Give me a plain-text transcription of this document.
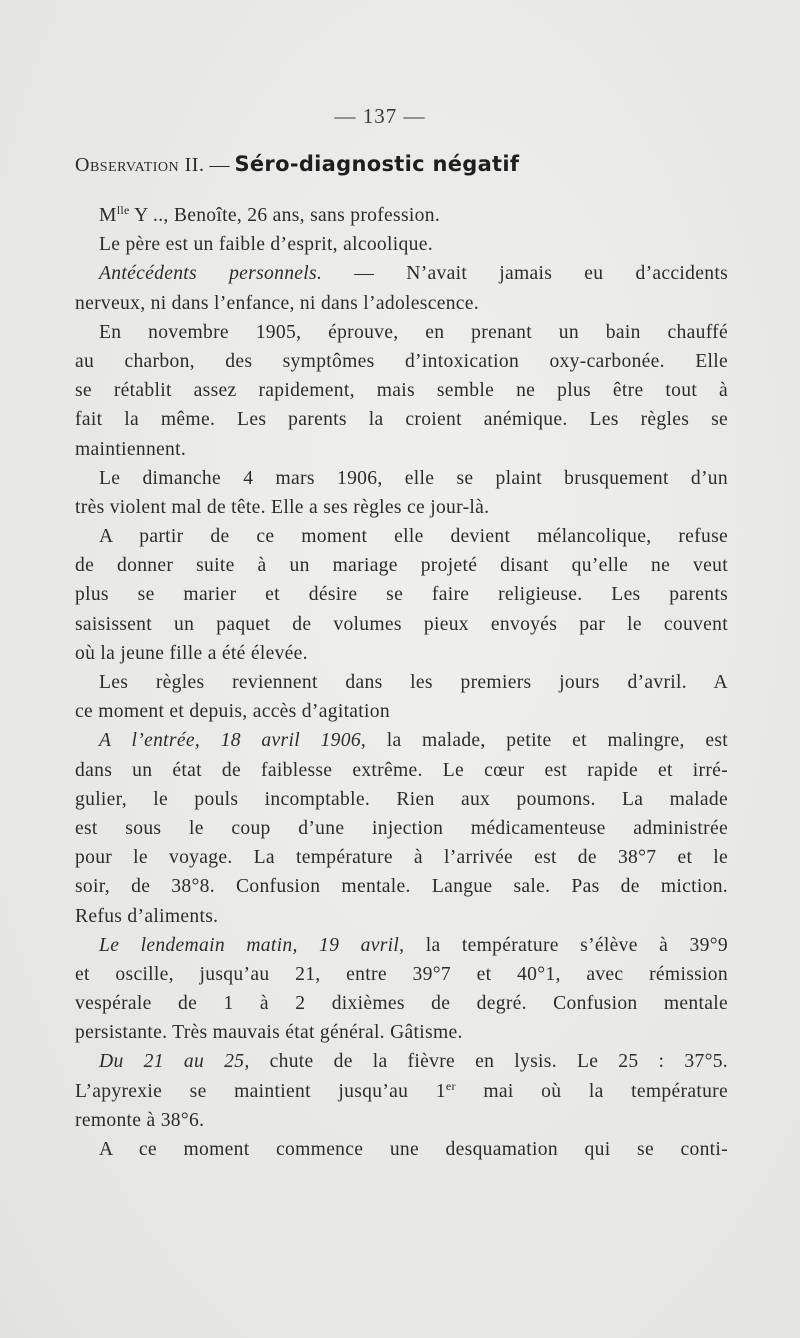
— 137 —
Observation II. — Séro-diagnostic négatif
$M^{lle}$ Y .., Benoîte, 26 ans, sans profession.
Le père est un faible d’esprit, alcoolique.
Antécédents personnels. — N’avait jamais eu d’accidents
nerveux, ni dans l’enfance, ni dans l’adolescence.
En novembre 1905, éprouve, en prenant un bain chauffé
au charbon, des symptômes d’intoxication oxy-carbonée. Elle
se rétablit assez rapidement, mais semble ne plus être tout à
fait la même. Les parents la croient anémique. Les règles se
maintiennent.
Le dimanche 4 mars 1906, elle se plaint brusquement d’un
très violent mal de tête. Elle a ses règles ce jour-là.
A partir de ce moment elle devient mélancolique, refuse
de donner suite à un mariage projeté disant qu’elle ne veut
plus se marier et désire se faire religieuse. Les parents
saisissent un paquet de volumes pieux envoyés par le couvent
où la jeune fille a été élevée.
Les règles reviennent dans les premiers jours d’avril. A
ce moment et depuis, accès d’agitation
A l’entrée, 18 avril 1906, la malade, petite et malingre, est
dans un état de faiblesse extrême. Le cœur est rapide et irré-
gulier, le pouls incomptable. Rien aux poumons. La malade
est sous le coup d’une injection médicamenteuse administrée
pour le voyage. La température à l’arrivée est de 38°7 et le
soir, de 38°8. Confusion mentale. Langue sale. Pas de miction.
Refus d’aliments.
Le lendemain matin, 19 avril, la température s’élève à 39°9
et oscille, jusqu’au 21, entre 39°7 et 40°1, avec rémission
vespérale de 1 à 2 dixièmes de degré. Confusion mentale
persistante. Très mauvais état général. Gâtisme.
Du 21 au 25, chute de la fièvre en lysis. Le 25 : 37°5.
L’apyrexie se maintient jusqu’au 1er mai où la température
remonte à 38°6.
A ce moment commence une desquamation qui se conti-
